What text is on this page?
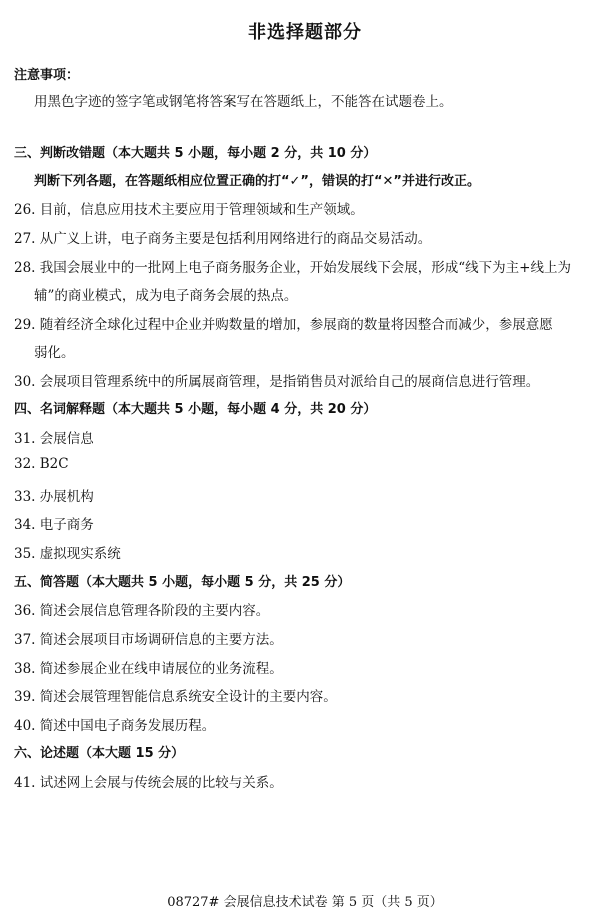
非选择题部分
注意事项：
用黑色字迹的签字笔或钢笔将答案写在答题纸上，不能答在试题卷上。
三、判断改错题（本大题共 5 小题，每小题 2 分，共 10 分）
判断下列各题，在答题纸相应位置正确的打“✓”，错误的打“✕”并进行改正。
26. 目前，信息应用技术主要应用于管理领域和生产领域。
27. 从广义上讲，电子商务主要是包括利用网络进行的商品交易活动。
28. 我国会展业中的一批网上电子商务服务企业，开始发展线下会展，形成“线下为主+线上为
辅”的商业模式，成为电子商务会展的热点。
29. 随着经济全球化过程中企业并购数量的增加，参展商的数量将因整合而减少，参展意愿
弱化。
30. 会展项目管理系统中的所属展商管理，是指销售员对派给自己的展商信息进行管理。
四、名词解释题（本大题共 5 小题，每小题 4 分，共 20 分）
31. 会展信息
32. B2C
33. 办展机构
34. 电子商务
35. 虚拟现实系统
五、简答题（本大题共 5 小题，每小题 5 分，共 25 分）
36. 简述会展信息管理各阶段的主要内容。
37. 简述会展项目市场调研信息的主要方法。
38. 简述参展企业在线申请展位的业务流程。
39. 简述会展管理智能信息系统安全设计的主要内容。
40. 简述中国电子商务发展历程。
六、论述题（本大题 15 分）
41. 试述网上会展与传统会展的比较与关系。
08727# 会展信息技术试卷 第 5 页（共 5 页）
